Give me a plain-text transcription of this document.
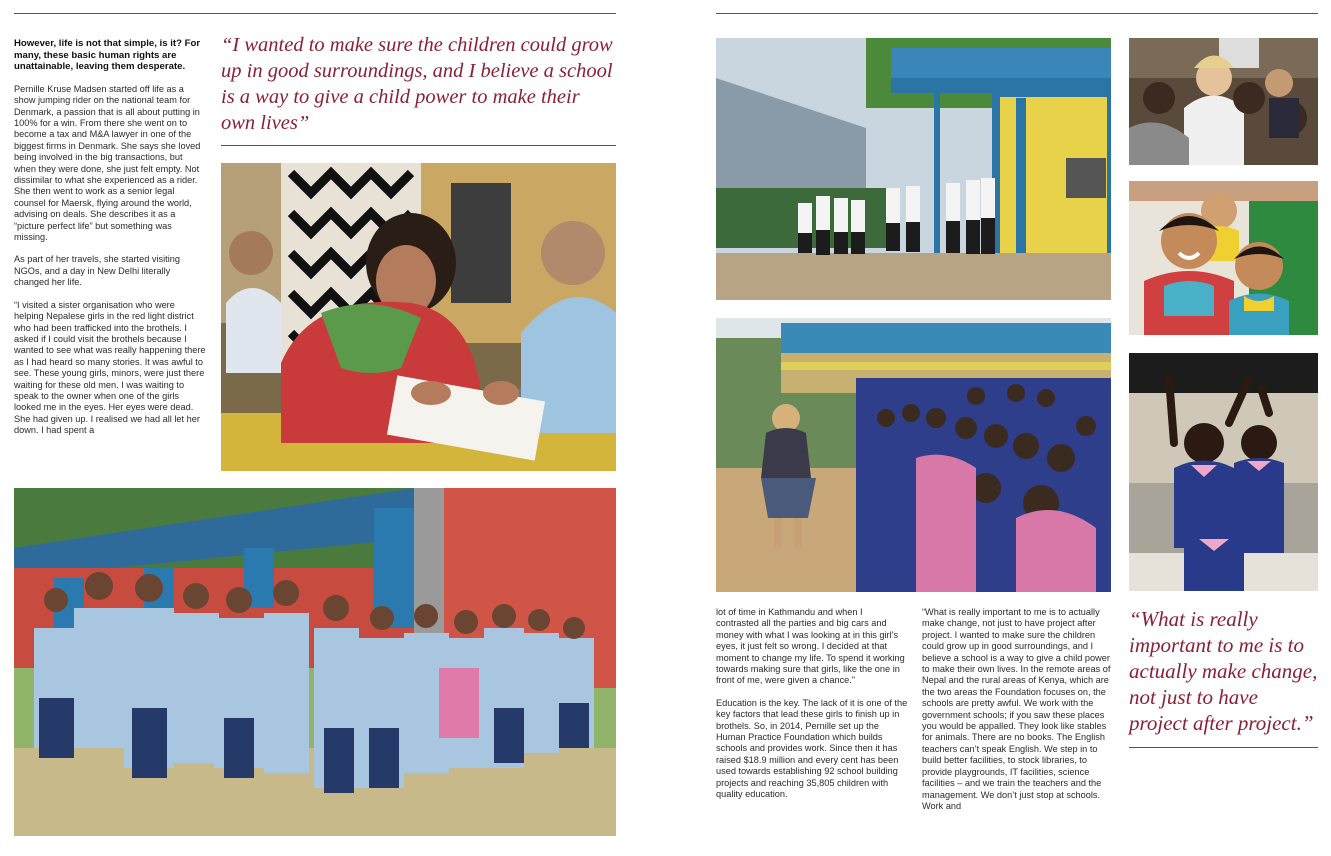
However, life is not that simple, is it? For many, these basic human rights are unattainable, leaving them desperate.

Pernille Kruse Madsen started off life as a show jumping rider on the national team for Denmark, a passion that is all about putting in 100% for a win. From there she went on to become a tax and M&A lawyer in one of the biggest firms in Denmark. She says she loved being involved in the big transactions, but when they were done, she just felt empty. Not dissimilar to what she experienced as a rider. She then went to work as a senior legal counsel for Maersk, flying around the world, advising on deals. She describes it as a “picture perfect life” but something was missing.

As part of her travels, she started visiting NGOs, and a day in New Delhi literally changed her life.

“I visited a sister organisation who were helping Nepalese girls in the red light district who had been trafficked into the brothels. I asked if I could visit the brothels because I wanted to see what was really happening there as I had heard so many stories. It was awful to see. These young girls, minors, were just there waiting for these old men. I was waiting to speak to the owner when one of the girls looked me in the eyes. Her eyes were dead. She had given up. I realised we had all let her down. I had spent a

“I wanted to make sure the children could grow up in good surroundings, and I believe a school is a way to give a child power to make their own lives”

lot of time in Kathmandu and when I contrasted all the parties and big cars and money with what I was looking at in this girl’s eyes, it just felt so wrong. I decided at that moment to change my life. To spend it working towards making sure that girls, like the one in front of me, were given a chance.”

Education is the key. The lack of it is one of the key factors that lead these girls to finish up in brothels. So, in 2014, Pernille set up the Human Practice Foundation which builds schools and provides work. Since then it has raised $18.9 million and every cent has been used towards establishing 92 school building projects and reaching 35,805 children with quality education.

“What is really important to me is to actually make change, not just to have project after project. I wanted to make sure the children could grow up in good surroundings, and I believe a school is a way to give a child power to make their own lives. In the remote areas of Nepal and the rural areas of Kenya, which are the two areas the Foundation focuses on, the schools are pretty awful. We work with the government schools; if you saw these places you would be appalled. They look like stables for animals. There are no books. The English teachers can’t speak English. We step in to build better facilities, to stock libraries, to provide playgrounds, IT facilities, science facilities – and we train the teachers and the management. We don’t just stop at schools. Work and

“What is really important to me is to actually make change, not just to have project after project.”
